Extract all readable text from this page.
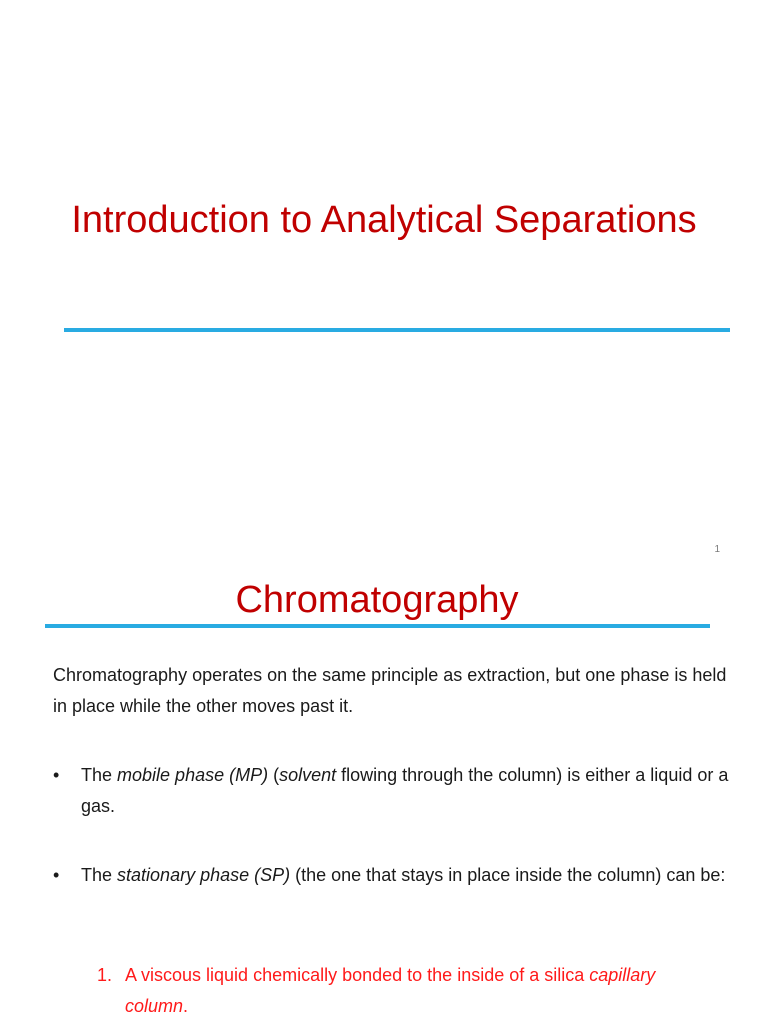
Introduction to Analytical Separations
1
Chromatography

Chromatography operates on the same principle as extraction, but one phase is held in place while the other moves past it.

• The mobile phase (MP) (solvent flowing through the column) is either a liquid or a gas.
• The stationary phase (SP) (the one that stays in place inside the column) can be:
1. A viscous liquid chemically bonded to the inside of a silica capillary column.
